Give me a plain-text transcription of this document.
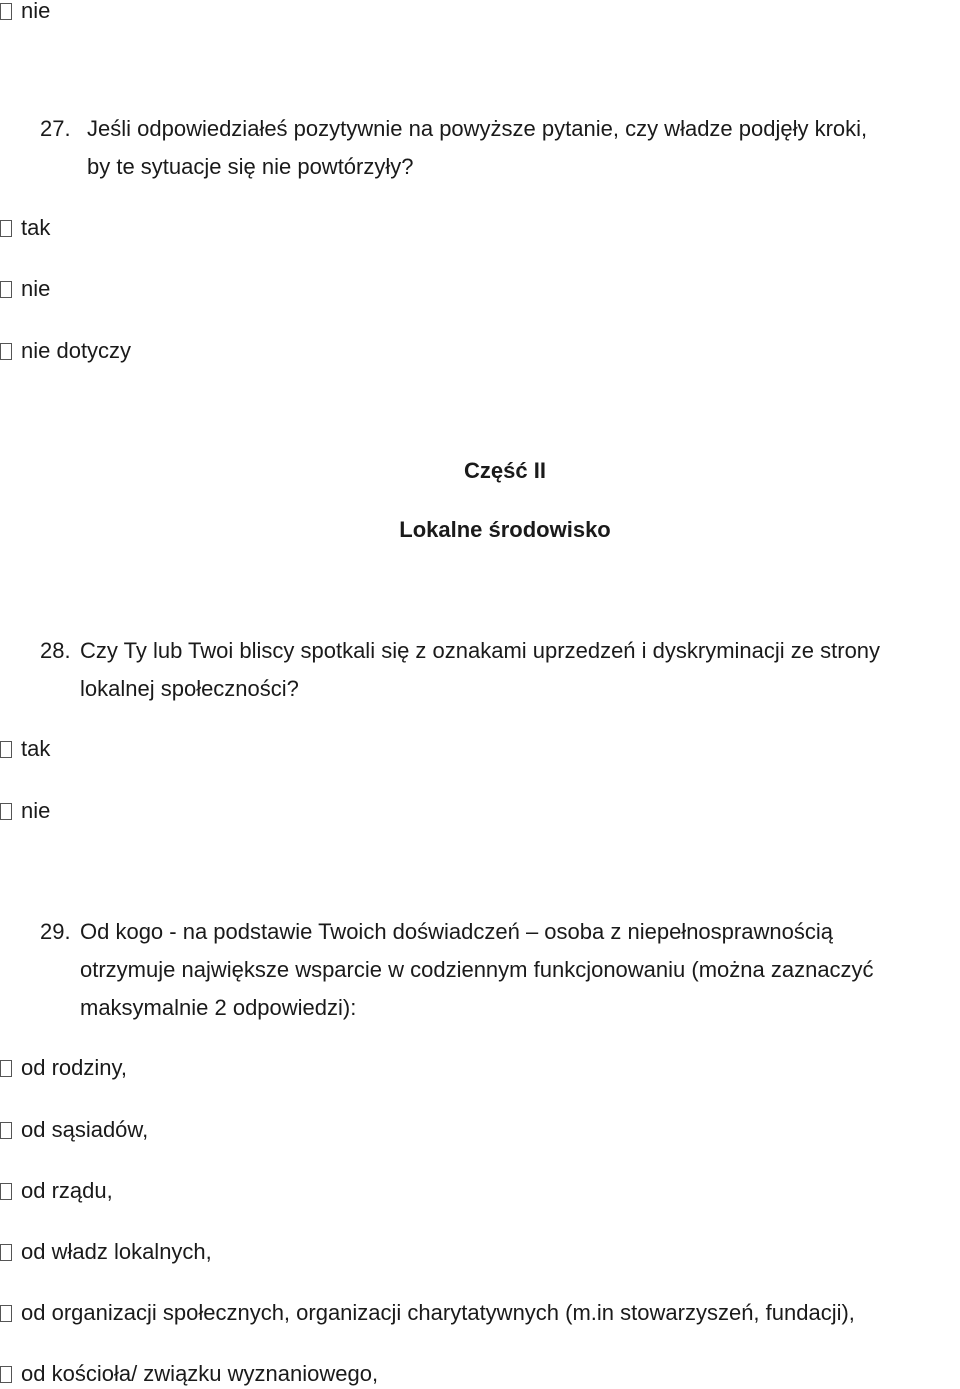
nie
27. Jeśli odpowiedziałeś pozytywnie na powyższe pytanie, czy władze podjęły kroki,
by te sytuacje się nie powtórzyły?
tak
nie
nie dotyczy
Część II
Lokalne środowisko
28. Czy Ty lub Twoi bliscy spotkali się z oznakami uprzedzeń i dyskryminacji ze strony
lokalnej społeczności?
tak
nie
29. Od kogo - na podstawie Twoich doświadczeń – osoba z niepełnosprawnością
otrzymuje największe wsparcie w codziennym funkcjonowaniu (można zaznaczyć
maksymalnie 2 odpowiedzi):
od rodziny,
od sąsiadów,
od rządu,
od władz lokalnych,
od organizacji społecznych, organizacji charytatywnych (m.in stowarzyszeń, fundacji),
od kościoła/ związku wyznaniowego,
